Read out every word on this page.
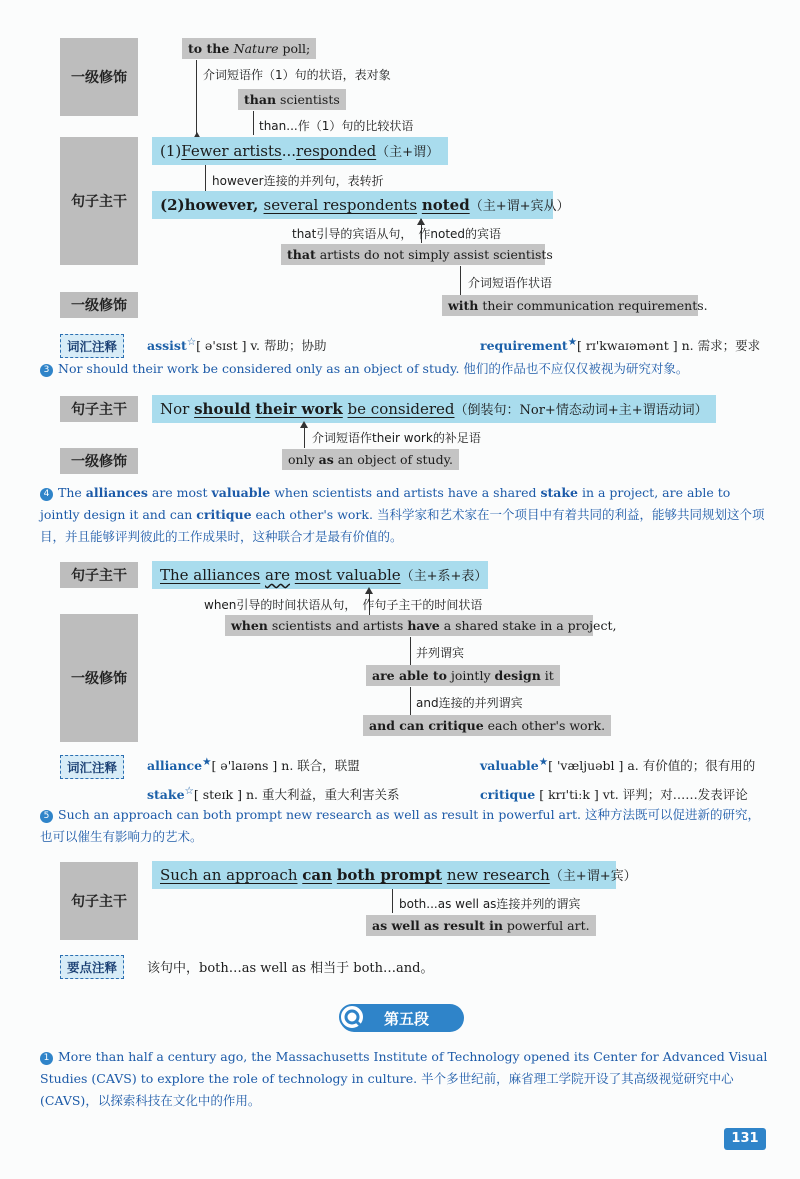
一级修饰
句子主干
一级修饰
to the Nature poll;
介词短语作（1）句的状语，表对象
than scientists
than...作（1）句的比较状语
(1)Fewer artists...responded（主+谓）
however连接的并列句，表转折
(2)however, several respondents noted（主+谓+宾从）
that引导的宾语从句， 作noted的宾语
that artists do not simply assist scientists
介词短语作状语
with their communication requirements.
词汇注释	assist☆[ ə'sɪst ] v. 帮助；协助	requirement★[ rɪ'kwaɪəmənt ] n. 需求；要求
3 Nor should their work be considered only as an object of study. 他们的作品也不应仅仅被视为研究对象。
句子主干
一级修饰
Nor should their work be considered（倒装句：Nor+情态动词+主+谓语动词）
介词短语作their work的补足语
only as an object of study.
4 The alliances are most valuable when scientists and artists have a shared stake in a project, are able to jointly design it and can critique each other's work. 当科学家和艺术家在一个项目中有着共同的利益，能够共同规划这个项目，并且能够评判彼此的工作成果时，这种联合才是最有价值的。
句子主干
一级修饰
The alliances are most valuable（主+系+表）
when引导的时间状语从句， 作句子主干的时间状语
when scientists and artists have a shared stake in a project,
并列谓宾
are able to jointly design it
and连接的并列谓宾
and can critique each other's work.
词汇注释	alliance★[ ə'laɪəns ] n. 联合，联盟	valuable★[ 'væljuəbl ] a. 有价值的；很有用的
stake☆[ steɪk ] n. 重大利益，重大利害关系	critique [ krɪ'tiːk ] vt. 评判；对……发表评论
5 Such an approach can both prompt new research as well as result in powerful art. 这种方法既可以促进新的研究，也可以催生有影响力的艺术。
句子主干
Such an approach can both prompt new research（主+谓+宾）
both...as well as连接并列的谓宾
as well as result in powerful art.
要点注释	该句中，both…as well as 相当于 both…and。
第五段
1 More than half a century ago, the Massachusetts Institute of Technology opened its Center for Advanced Visual Studies (CAVS) to explore the role of technology in culture. 半个多世纪前，麻省理工学院开设了其高级视觉研究中心(CAVS)，以探索科技在文化中的作用。
131
